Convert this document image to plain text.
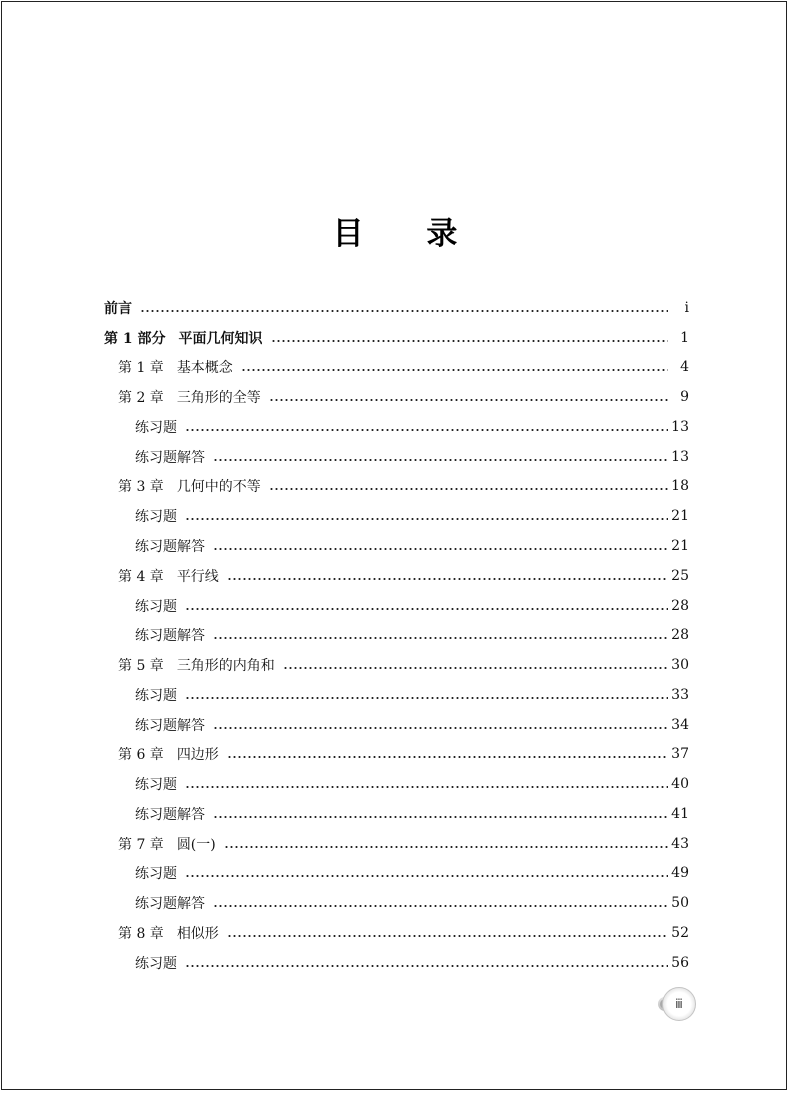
目 录
前言	ⅰ
第 1 部分 平面几何知识	1
第 1 章 基本概念	4
第 2 章 三角形的全等	9
练习题	13
练习题解答	13
第 3 章 几何中的不等	18
练习题	21
练习题解答	21
第 4 章 平行线	25
练习题	28
练习题解答	28
第 5 章 三角形的内角和	30
练习题	33
练习题解答	34
第 6 章 四边形	37
练习题	40
练习题解答	41
第 7 章 圆(一)	43
练习题	49
练习题解答	50
第 8 章 相似形	52
练习题	56
ⅲ
